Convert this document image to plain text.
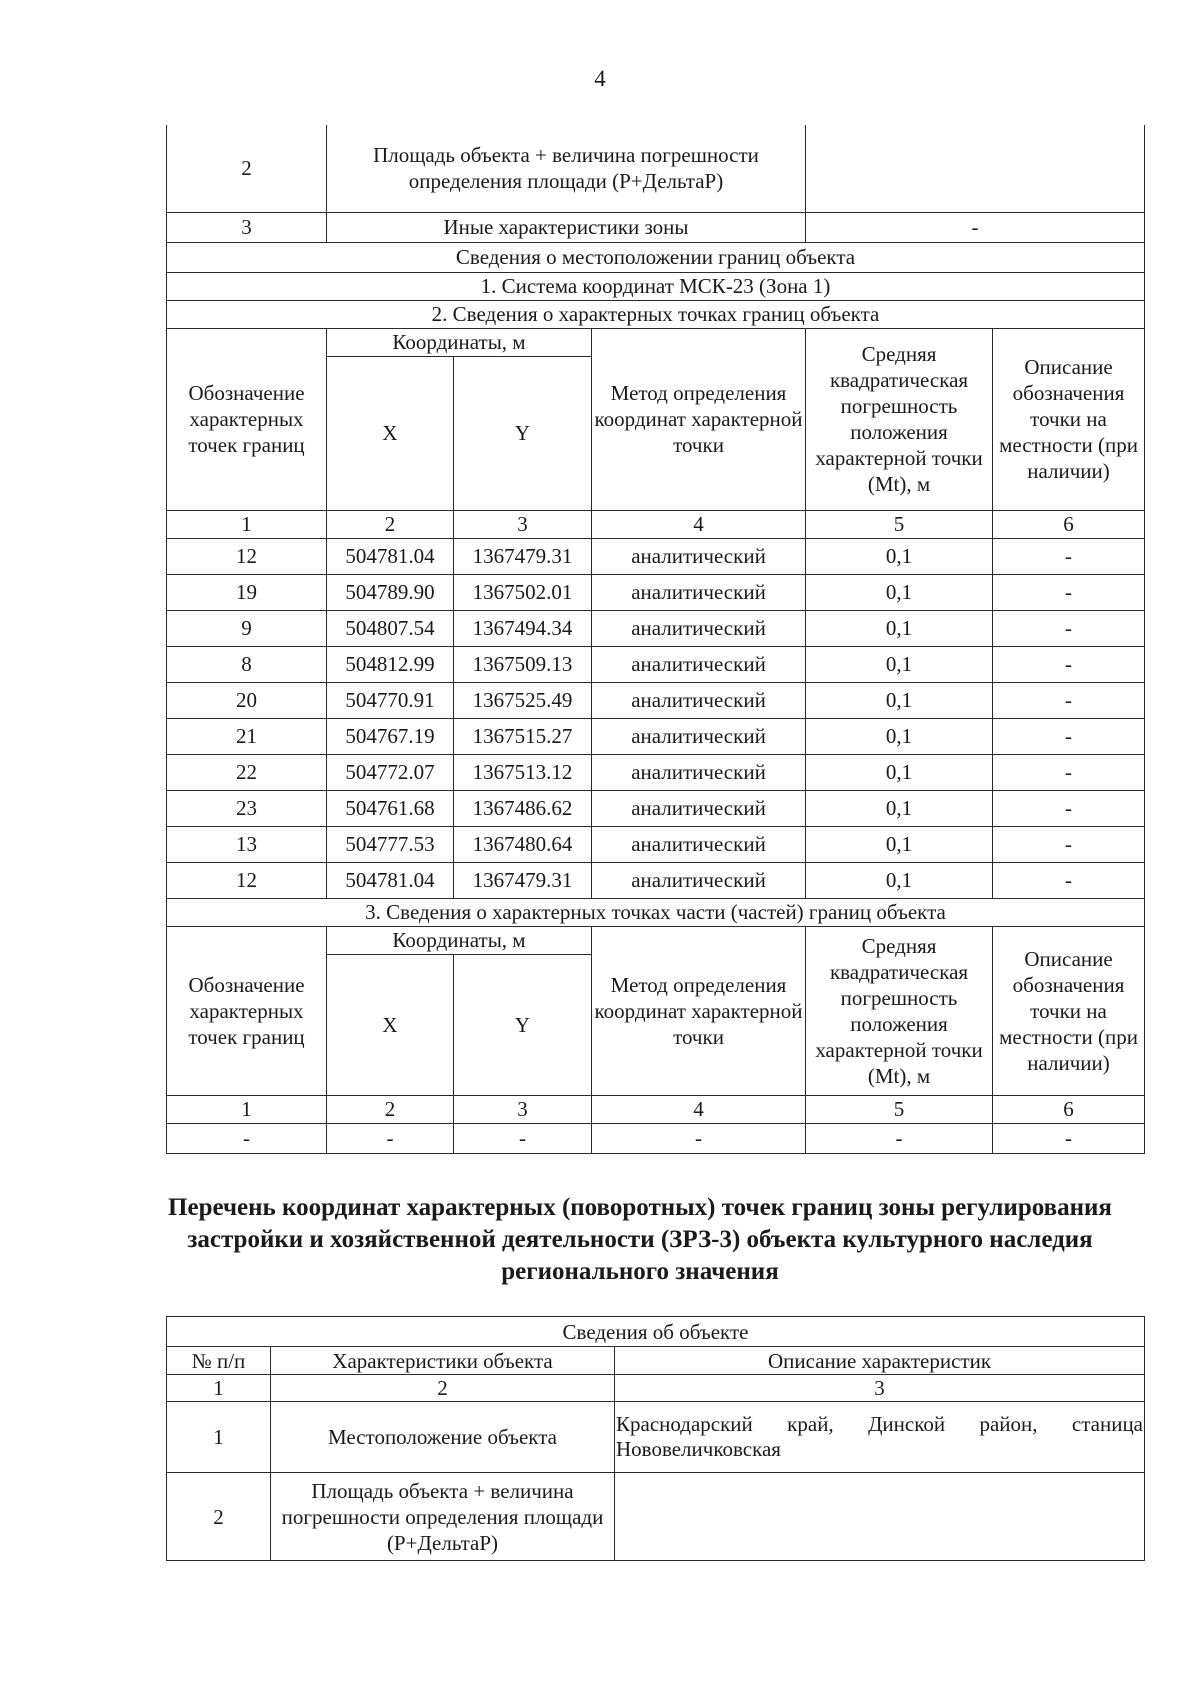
4
2	Площадь объекта + величина погрешности определения площади (Р+ДельтаР)				
3	Иные характеристики зоны			-	
Сведения о местоположении границ объекта					
1. Система координат МСК-23 (Зона 1)					
2. Сведения о характерных точках границ объекта					
Обозначение характерных точек границ	Координаты, м		Метод определения координат характерной точки	Средняя квадратическая погрешность положения характерной точки (Mt), м	Описание обозначения точки на местности (при наличии)
	X	Y			
1	2	3	4	5	6
12	504781.04	1367479.31	аналитический	0,1	-
19	504789.90	1367502.01	аналитический	0,1	-
9	504807.54	1367494.34	аналитический	0,1	-
8	504812.99	1367509.13	аналитический	0,1	-
20	504770.91	1367525.49	аналитический	0,1	-
21	504767.19	1367515.27	аналитический	0,1	-
22	504772.07	1367513.12	аналитический	0,1	-
23	504761.68	1367486.62	аналитический	0,1	-
13	504777.53	1367480.64	аналитический	0,1	-
12	504781.04	1367479.31	аналитический	0,1	-
3. Сведения о характерных точках части (частей) границ объекта					
Обозначение характерных точек границ	Координаты, м		Метод определения координат характерной точки	Средняя квадратическая погрешность положения характерной точки (Mt), м	Описание обозначения точки на местности (при наличии)
	X	Y			
1	2	3	4	5	6
-	-	-	-	-	-
Перечень координат характерных (поворотных) точек границ зоны регулирования застройки и хозяйственной деятельности (ЗРЗ-3) объекта культурного наследия регионального значения
Сведения об объекте		
№ п/п	Характеристики объекта	Описание характеристик
1	2	3
1	Местоположение объекта	Краснодарский край, Динской район, станица Нововеличковская
2	Площадь объекта + величина погрешности определения площади (Р+ДельтаР)	
